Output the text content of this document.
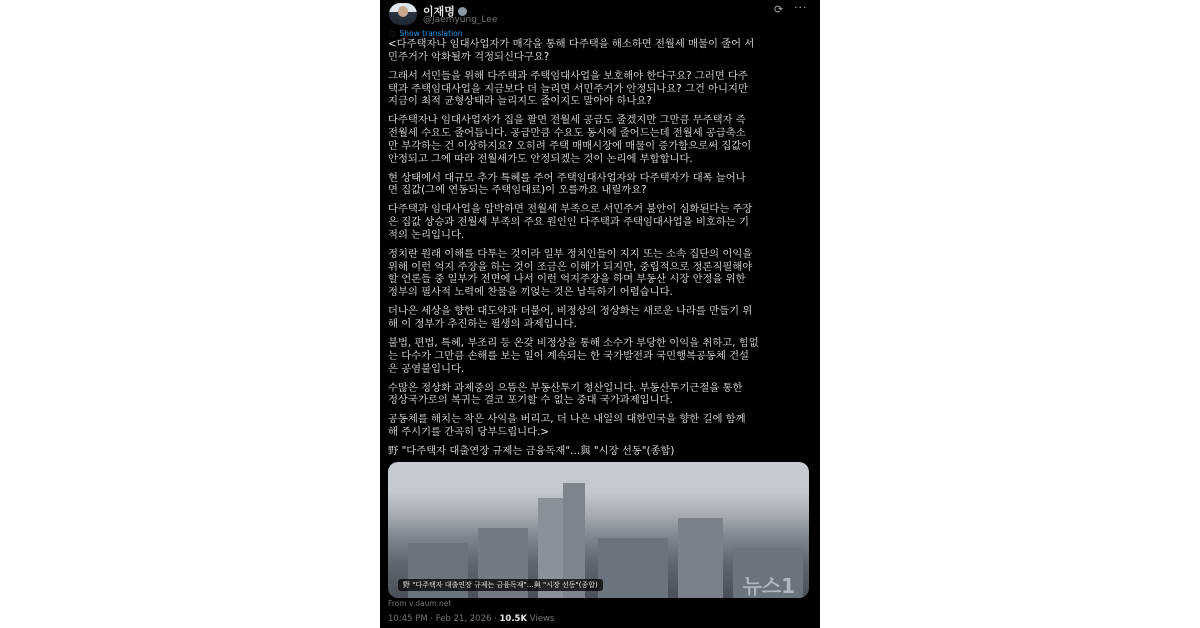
이재명
@Jaemyung_Lee
⟳ ···
◌ Show translation
<다주택자나 임대사업자가 매각을 통해 다주택을 해소하면 전월세 매물이 줄어 서
민주거가 악화될까 걱정되신다구요?
그래서 서민들을 위해 다주택과 주택임대사업을 보호해야 한다구요? 그러면 다주
택과 주택임대사업을 지금보다 더 늘리면 서민주거가 안정되나요? 그건 아니지만
지금이 최적 균형상태라 늘리지도 줄이지도 말아야 하나요?
다주택자나 임대사업자가 집을 팔면 전월세 공급도 줄겠지만 그만큼 무주택자 즉
전월세 수요도 줄어듭니다. 공급만큼 수요도 동시에 줄어드는데 전월세 공급축소
만 부각하는 건 이상하지요? 오히려 주택 매매시장에 매물이 증가함으로써 집값이
안정되고 그에 따라 전월세가도 안정되겠는 것이 논리에 부합합니다.
현 상태에서 대규모 추가 특혜를 주어 주택임대사업자와 다주택자가 대폭 늘어나
면 집값(그에 연동되는 주택임대료)이 오를까요 내릴까요?
다주택과 임대사업을 압박하면 전월세 부족으로 서민주거 불안이 심화된다는 주장
은 집값 상승과 전월세 부족의 주요 원인인 다주택과 주택임대사업을 비호하는 기
적의 논리입니다.
정치란 원래 이해를 다투는 것이라 일부 정치인들이 지지 또는 소속 집단의 이익을
위해 이런 억지 주장을 하는 것이 조금은 이해가 되지만, 중립적으로 정론직필해야
할 언론들 중 일부가 전면에 나서 이런 억지주장을 하며 부동산 시장 안정을 위한
정부의 필사적 노력에 찬물을 끼얹는 것은 납득하기 어렵습니다.
더나은 세상을 향한 대도약과 더불어, 비정상의 정상화는 새로운 나라를 만들기 위
해 이 정부가 추진하는 필생의 과제입니다.
불법, 편법, 특혜, 부조리 등 온갖 비정상을 통해 소수가 부당한 이익을 취하고, 힘없
는 다수가 그만큼 손해를 보는 일이 계속되는 한 국가발전과 국민행복공동체 건설
은 공염불입니다.
수많은 정상화 과제중의 으뜸은 부동산투기 청산입니다. 부동산투기근절을 통한
정상국가로의 복귀는 결코 포기할 수 없는 중대 국가과제입니다.
공동체를 해치는 작은 사익을 버리고, 더 나은 내일의 대한민국을 향한 길에 함께
해 주시기를 간곡히 당부드립니다.>
野 "다주택자 대출연장 규제는 금융독재"…與 "시장 선동"(종합)
뉴스1
野 "다주택자 대출연장 규제는 금융독재"…與 "시장 선동"(종합)
From v.daum.net
10:45 PM · Feb 21, 2026 · 10.5K Views
